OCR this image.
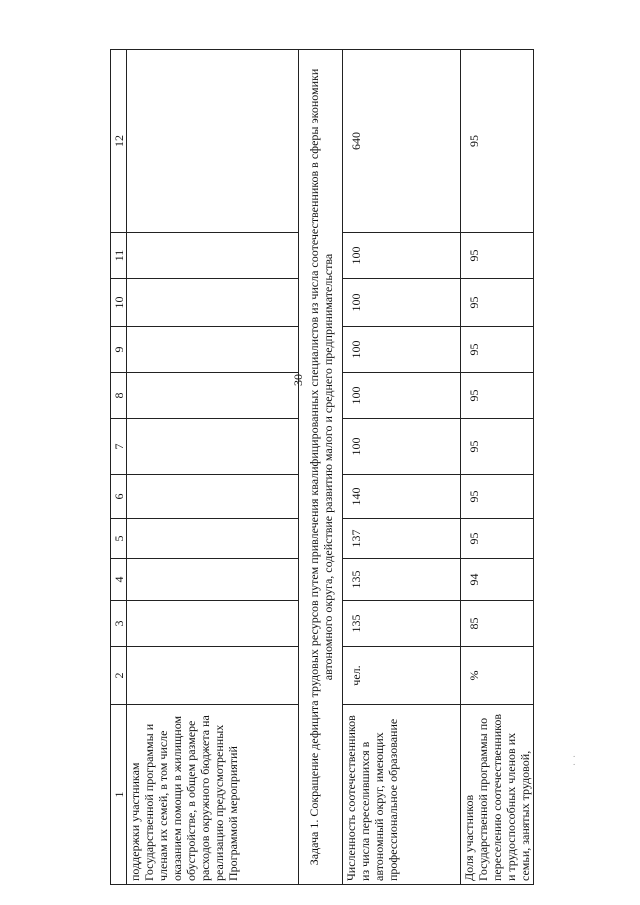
30
1	2	3	4	5	6	7	8	9	10	11	12
поддержки участникам Государственной программы и членам их семей, в том числе оказанием помощи в жилищном обустройстве, в общем размере расходов окружного бюджета на реализацию предусмотренных Программой мероприятий											
Задача 1. Сокращение дефицита трудовых ресурсов путем привлечения квалифицированных специалистов из числа соотечественников в сферы экономики автономного округа, содействие развитию малого и среднего предпринимательства											
Численность соотечественников из числа переселившихся в автономный округ, имеющих профессиональное образование	чел.	135	135	137	140	100	100	100	100	100	640
Доля участников Государственной программы по переселению соотечественников и трудоспособных членов их семьи, занятых трудовой,	%	85	94	95	95	95	95	95	95	95	95
. .
